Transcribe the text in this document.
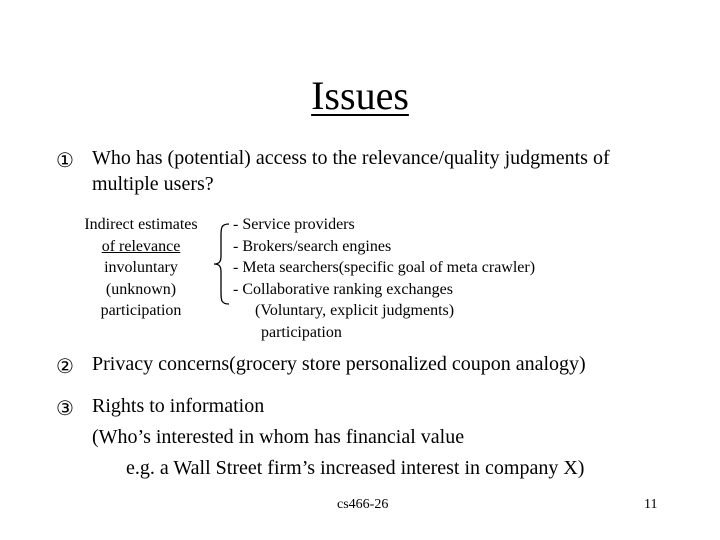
Issues
① Who has (potential) access to the relevance/quality judgments of
multiple users?
Indirect estimates
of relevance
involuntary
(unknown)
participation
- Service providers
- Brokers/search engines
- Meta searchers(specific goal of meta crawler)
- Collaborative ranking exchanges
(Voluntary, explicit judgments)
participation
② Privacy concerns(grocery store personalized coupon analogy)
③ Rights to information
(Who’s interested in whom has financial value
e.g. a Wall Street firm’s increased interest in company X)
cs466-26	11
